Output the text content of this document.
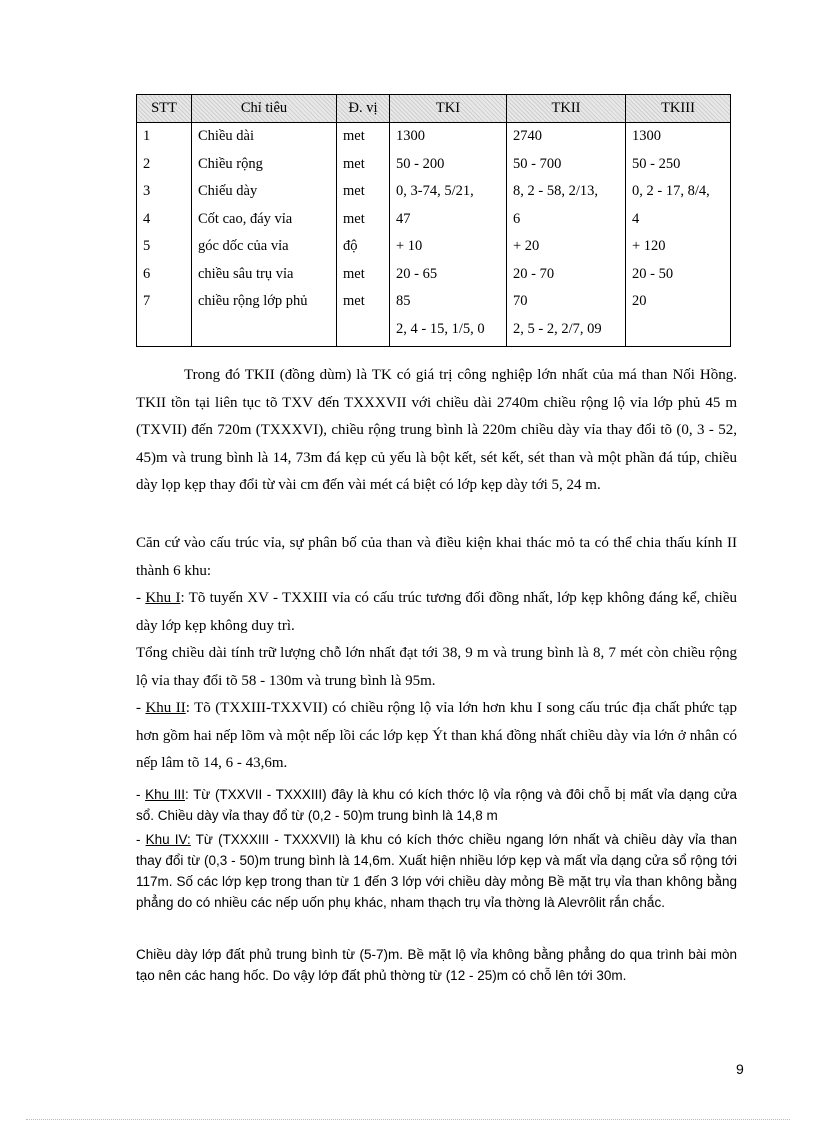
STT	Chỉ tiêu	Đ. vị	TKI	TKII	TKIII
1	Chiều dài	met	1300	2740	1300
2	Chiều rộng	met	50 - 200	50 - 700	50 - 250
3	Chiếu dày	met	0, 3-74, 5/21,	8, 2 - 58, 2/13,	0, 2 - 17, 8/4,
4	Cốt cao, đáy vỉa	met	47	6	4
5	góc dốc của vỉa	độ	+ 10	+ 20	+ 120
6	chiều sâu trụ vỉa	met	20 - 65	20 - 70	20 - 50
7	chiều rộng lớp phủ	met	85	70	20
			2, 4 - 15, 1/5, 0	2, 5 - 2, 2/7, 09	

Trong đó TKII (đồng dùm) là TK có giá trị công nghiệp lớn nhất của má than Nối Hồng. TKII tồn tại liên tục tõ TXV đến TXXXVII với chiều dài 2740m chiều rộng lộ vỉa lớp phủ 45 m (TXVII) đến 720m (TXXXVI), chiều rộng trung bình là 220m chiều dày vỉa thay đổi tõ (0, 3 - 52, 45)m và trung bình là 14, 73m đá kẹp củ yếu là bột kết, sét kết, sét than và một phần đá túp, chiều dày lọp kẹp thay đổi từ vài cm đến vài mét cá biệt có lớp kẹp dày tới 5, 24 m.

Căn cứ vào cấu trúc vỉa, sự phân bố của than và điều kiện khai thác mỏ ta có thể chia thấu kính II thành 6 khu:

- Khu I: Tõ tuyến XV - TXXIII vỉa có cấu trúc tương đối đồng nhất, lớp kẹp không đáng kể, chiều dày lớp kẹp không duy trì.

Tổng chiều dài tính trữ lượng chỗ lớn nhất đạt tới 38, 9 m và trung bình là 8, 7 mét còn chiều rộng lộ vỉa thay đổi tõ 58 - 130m và trung bình là 95m.

- Khu II: Tõ (TXXIII-TXXVII) có chiều rộng lộ vỉa lớn hơn khu I song cấu trúc địa chất phức tạp hơn gồm hai nếp lõm và một nếp lồi các lớp kẹp Ýt than khá đồng nhất chiều dày vỉa lớn ở nhân có nếp lâm tõ 14, 6 - 43,6m.

- Khu III: Từ (TXXVII - TXXXIII) đây là khu có kích thớc lộ vỉa rộng và đôi chỗ bị mất vỉa dạng cửa sổ. Chiều dày vỉa thay đổ từ (0,2 - 50)m trung bình là 14,8 m

- Khu IV: Từ (TXXXIII - TXXXVII) là khu có kích thớc chiều ngang lớn nhất và chiều dày vỉa than thay đổi từ (0,3 - 50)m trung bình là 14,6m. Xuất hiện nhiều lớp kẹp và mất vỉa dạng cửa sổ rộng tới 117m. Số các lớp kẹp trong than từ 1 đến 3 lớp với chiều dày mỏng Bề mặt trụ vỉa than không bằng phẳng do có nhiều các nếp uốn phụ khác, nham thạch trụ vỉa thờng là Alevrôlit rắn chắc.

Chiều dày lớp đất phủ trung bình từ (5-7)m. Bề mặt lộ vỉa không bằng phẳng do qua trình bài mòn tạo nên các hang hốc. Do vậy lớp đất phủ thờng từ (12 - 25)m có chỗ lên tới 30m.

9
